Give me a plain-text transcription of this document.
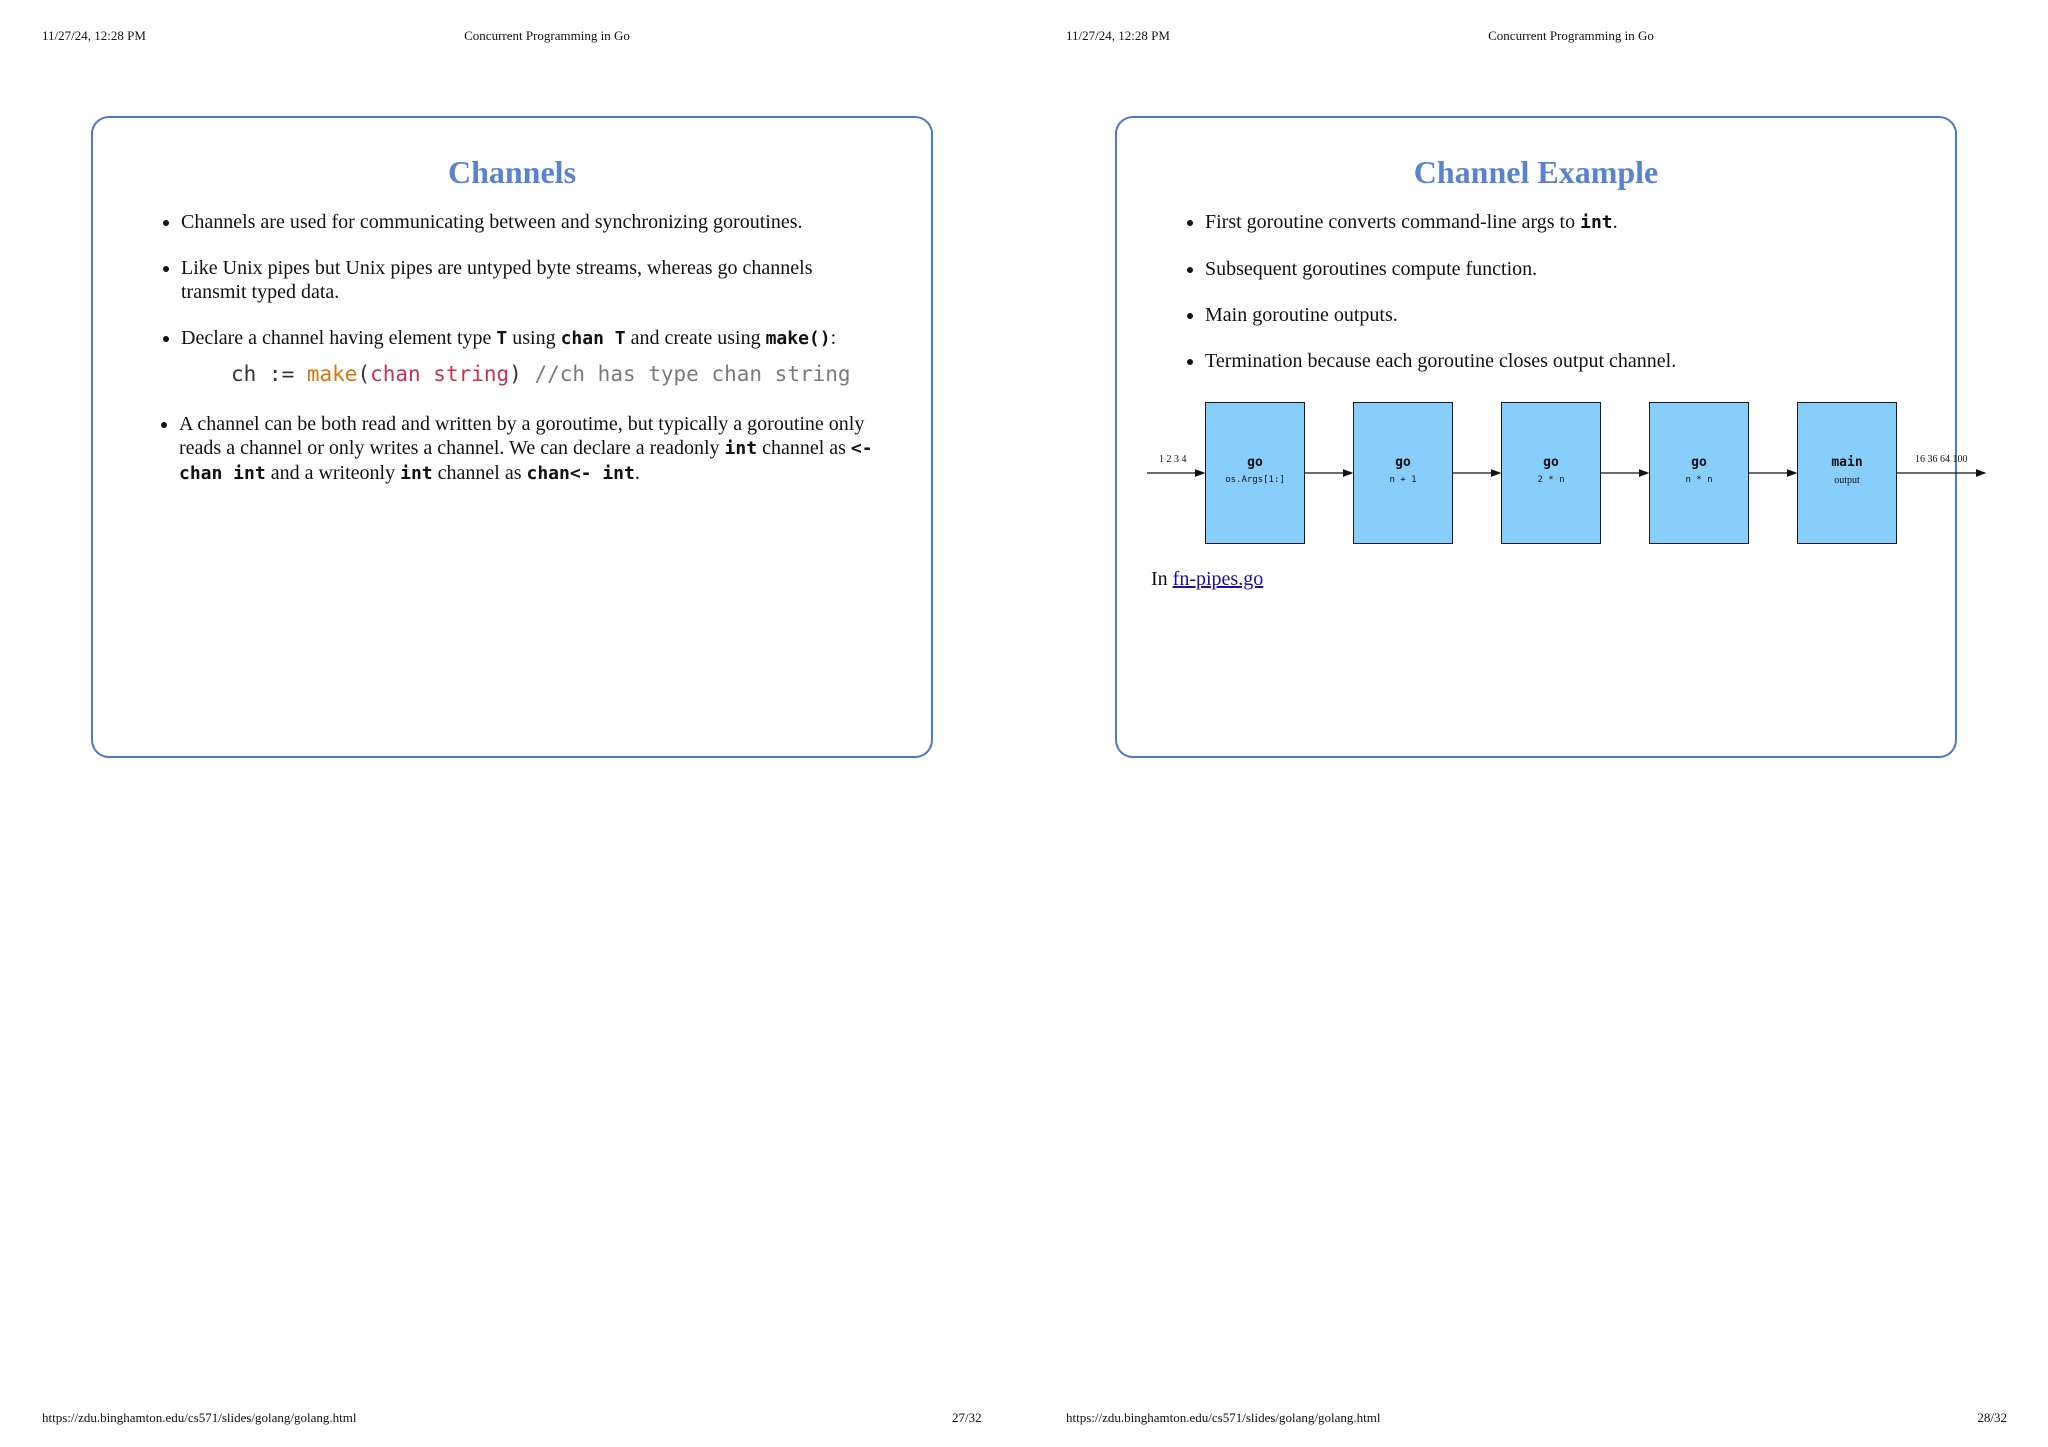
11/27/24, 12:28 PM	Concurrent Programming in Go
Channels
• Channels are used for communicating between and synchronizing goroutines.
• Like Unix pipes but Unix pipes are untyped byte streams, whereas go channels transmit typed data.
• Declare a channel having element type T using chan T and create using make():
ch := make(chan string) //ch has type chan string
• A channel can be both read and written by a goroutime, but typically a goroutine only reads a channel or only writes a channel. We can declare a readonly int channel as <-chan int and a writeonly int channel as chan<- int.
https://zdu.binghamton.edu/cs571/slides/golang/golang.html	27/32
11/27/24, 12:28 PM	Concurrent Programming in Go
Channel Example
• First goroutine converts command-line args to int.
• Subsequent goroutines compute function.
• Main goroutine outputs.
• Termination because each goroutine closes output channel.
1 2 3 4	go
os.Args[1:]
go
n + 1
go
2 * n
go
n * n
main
output
16 36 64 100
In fn-pipes.go
https://zdu.binghamton.edu/cs571/slides/golang/golang.html	28/32
